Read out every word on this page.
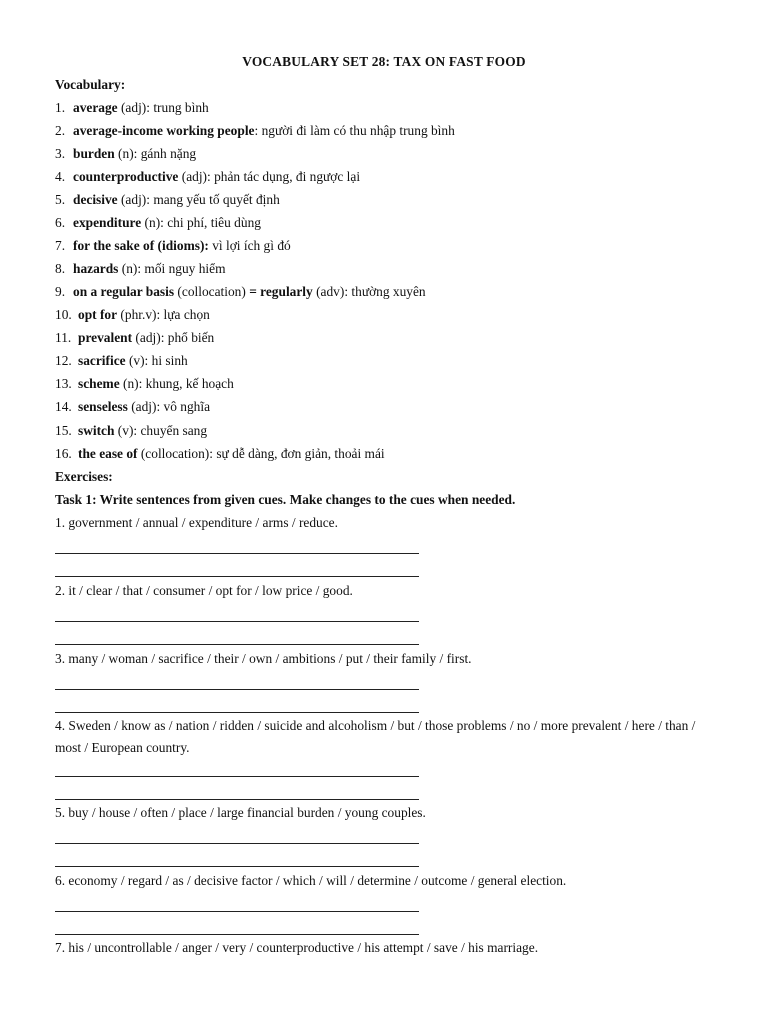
VOCABULARY SET 28: TAX ON FAST FOOD
Vocabulary:
1. average (adj): trung bình
2. average-income working people: người đi làm có thu nhập trung bình
3. burden (n): gánh nặng
4. counterproductive (adj): phản tác dụng, đi ngược lại
5. decisive (adj): mang yếu tố quyết định
6. expenditure (n): chi phí, tiêu dùng
7. for the sake of (idioms): vì lợi ích gì đó
8. hazards (n): mối nguy hiểm
9. on a regular basis (collocation) = regularly (adv): thường xuyên
10. opt for (phr.v): lựa chọn
11. prevalent (adj): phổ biến
12. sacrifice (v): hi sinh
13. scheme (n): khung, kế hoạch
14. senseless (adj): vô nghĩa
15. switch (v): chuyển sang
16. the ease of (collocation): sự dễ dàng, đơn giản, thoải mái
Exercises:
Task 1: Write sentences from given cues. Make changes to the cues when needed.
1. government / annual / expenditure / arms / reduce.
2. it / clear / that / consumer / opt for / low price / good.
3. many / woman / sacrifice / their / own / ambitions / put / their family / first.
4. Sweden / know as / nation / ridden / suicide and alcoholism / but / those problems / no / more prevalent / here / than / most / European country.
5. buy / house / often / place / large financial burden / young couples.
6. economy / regard / as / decisive factor / which / will / determine / outcome / general election.
7. his / uncontrollable / anger / very / counterproductive / his attempt / save / his marriage.
